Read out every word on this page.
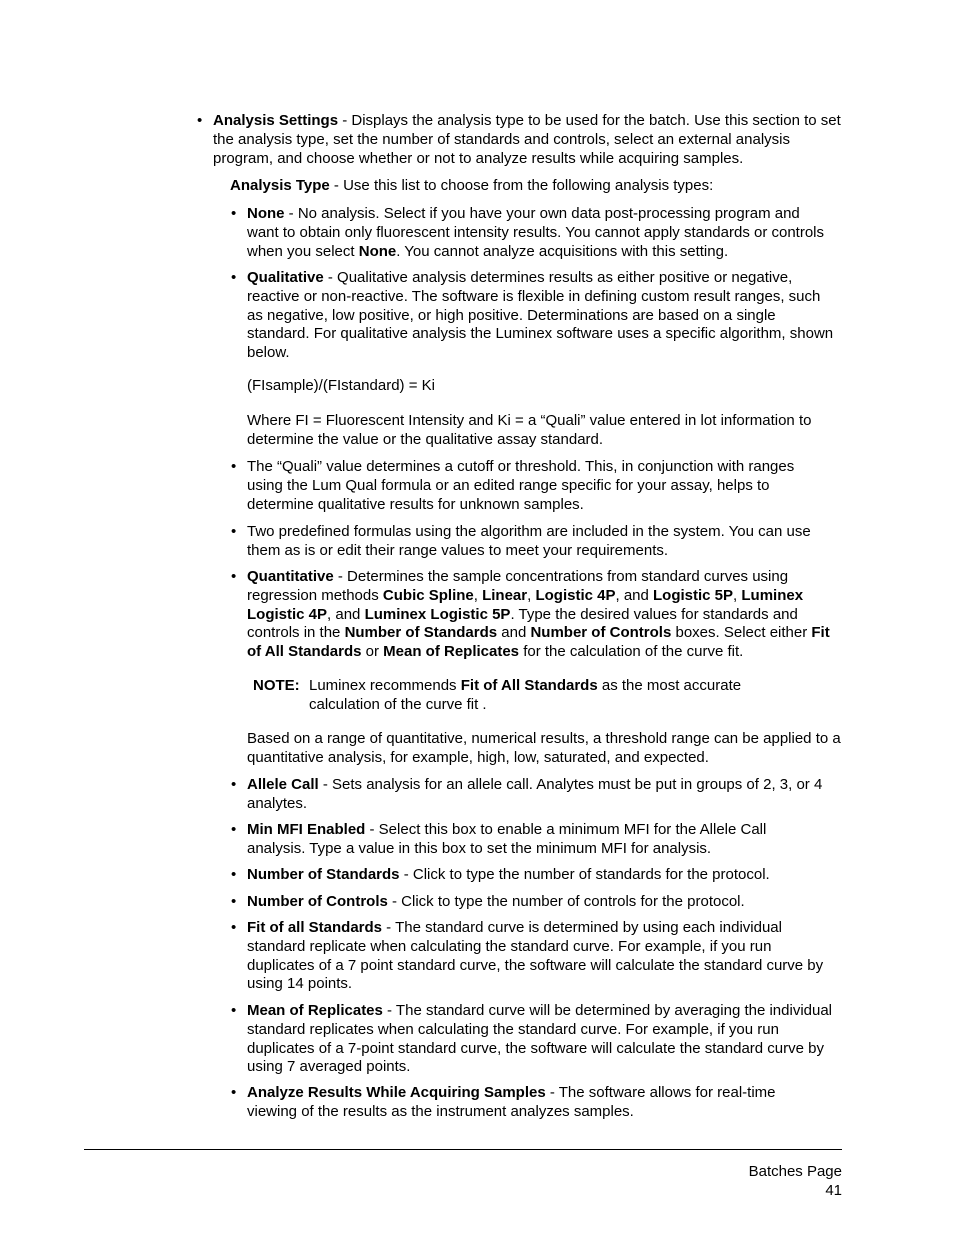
• Analysis Settings - Displays the analysis type to be used for the batch. Use this section to set the analysis type, set the number of standards and controls, select an external analysis program, and choose whether or not to analyze results while acquiring samples.
Analysis Type - Use this list to choose from the following analysis types:
• None - No analysis. Select if you have your own data post-processing program and want to obtain only fluorescent intensity results. You cannot apply standards or controls when you select None. You cannot analyze acquisitions with this setting.
• Qualitative - Qualitative analysis determines results as either positive or negative, reactive or non-reactive. The software is flexible in defining custom result ranges, such as negative, low positive, or high positive. Determinations are based on a single standard. For qualitative analysis the Luminex software uses a specific algorithm, shown below.
(FIsample)/(FIstandard) = Ki
Where FI = Fluorescent Intensity and Ki = a “Quali” value entered in lot information to determine the value or the qualitative assay standard.
• The “Quali” value determines a cutoff or threshold. This, in conjunction with ranges using the Lum Qual formula or an edited range specific for your assay, helps to determine qualitative results for unknown samples.
• Two predefined formulas using the algorithm are included in the system. You can use them as is or edit their range values to meet your requirements.
• Quantitative - Determines the sample concentrations from standard curves using regression methods Cubic Spline, Linear, Logistic 4P, and Logistic 5P, Luminex Logistic 4P, and Luminex Logistic 5P. Type the desired values for standards and controls in the Number of Standards and Number of Controls boxes. Select either Fit of All Standards or Mean of Replicates for the calculation of the curve fit.
NOTE: Luminex recommends Fit of All Standards as the most accurate calculation of the curve fit .
Based on a range of quantitative, numerical results, a threshold range can be applied to a quantitative analysis, for example, high, low, saturated, and expected.
• Allele Call - Sets analysis for an allele call. Analytes must be put in groups of 2, 3, or 4 analytes.
• Min MFI Enabled - Select this box to enable a minimum MFI for the Allele Call analysis. Type a value in this box to set the minimum MFI for analysis.
• Number of Standards - Click to type the number of standards for the protocol.
• Number of Controls - Click to type the number of controls for the protocol.
• Fit of all Standards - The standard curve is determined by using each individual standard replicate when calculating the standard curve. For example, if you run duplicates of a 7 point standard curve, the software will calculate the standard curve by using 14 points.
• Mean of Replicates - The standard curve will be determined by averaging the individual standard replicates when calculating the standard curve. For example, if you run duplicates of a 7-point standard curve, the software will calculate the standard curve by using 7 averaged points.
• Analyze Results While Acquiring Samples - The software allows for real-time viewing of the results as the instrument analyzes samples.
Batches Page
41
